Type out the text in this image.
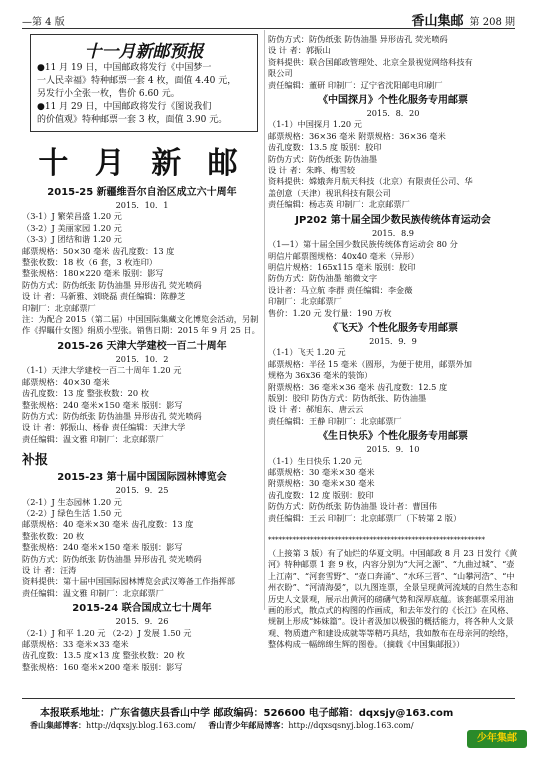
—第 4 版	香山集邮 第 208 期
十一月新邮预报
●11 月 19 日，中国邮政将发行《中国梦一
一人民幸福》特种邮票一套 4 枚，面值 4.40 元，
另发行小全张一枚，售价 6.60 元。
●11 月 29 日，中国邮政将发行《图说我们
的价值观》特种邮票一套 3 枚，面值 3.90 元。
十 月 新 邮
2015-25 新疆维吾尔自治区成立六十周年
2015．10．1
（3-1）J 繁荣昌盛 1.20 元
（3-2）J 美丽家园 1.20 元
（3-3）J 团结和谐 1.20 元
邮票规格：50×30 毫米 齿孔度数：13 度
整张枚数：18 枚（6 套，3 枚连印）
整张规格：180×220 毫米 版别：影写
防伪方式：防伪纸张 防伪油墨 异形齿孔 荧光喷码
设 计 者：马新雅、刘晓磊 责任编辑：陈静芝
印制厂：北京邮票厂
注：为配合 2015（第二届）中国国际集藏文化博览会活动，另制作《捍瞩什女图》绢质小型张。销售日期：2015 年 9 月 25 日。
2015-26 天津大学建校一百二十周年
2015．10．2
（1-1）天津大学建校一百二十周年 1.20 元
邮票规格：40×30 毫米
齿孔度数：13 度 整张枚数：20 枚
整张规格：240 毫米×150 毫米 版别：影写
防伪方式：防伪纸张 防伪油墨 异形齿孔 荧光喷码
设 计 者：郭振山、杨眷 责任编辑：天津大学
责任编辑：温文雅 印制厂：北京邮票厂
补报
2015-23 第十届中国国际园林博览会
2015．9．25
（2-1）J 生态园林 1.20 元
（2-2）J 绿色生活 1.50 元
邮票规格：40 毫米×30 毫米 齿孔度数：13 度
整张枚数：20 枚
整张规格：240 毫米×150 毫米 版别：影写
防伪方式：防伪纸张 防伪油墨 异形齿孔 荧光喷码
设 计 者：汪涛
资料提供：第十届中国国际园林博览会武汉筹备工作指挥部
责任编辑：温文雅 印制厂：北京邮票厂
2015-24 联合国成立七十周年
2015．9．26
（2-1）J 和平 1.20 元 （2-2）J 发展 1.50 元
邮票规格：33 毫米×33 毫米
齿孔度数：13.5 度×13 度 整张枚数：20 枚
整张规格：160 毫米×200 毫米 版别：影写
防伪方式：防伪纸张 防伪油墨 异形齿孔 荧光喷码
设 计 者：郭振山
资料提供：联合国邮政管理处、北京全景视觉网络科技有
限公司
责任编辑：董研 印制厂：辽宁省沈阳邮电印刷厂
《中国探月》个性化服务专用邮票
2015．8．20
（1-1）中国探月 1.20 元
邮票规格：36×36 毫米 附票规格：36×36 毫米
齿孔度数：13.5 度 版别：胶印
防伪方式：防伪纸张 防伪油墨
设 计 者：朱晔、梅雪较
资料提供：嫦娥奔月航天科技（北京）有限责任公司、华
盖创意（天津）视讯科技有限公司
责任编辑：杨志英 印制厂：北京邮票厂
JP202 第十届全国少数民族传统体育运动会
2015．8.9
（1—1）第十届全国少数民族传统体育运动会 80 分
明信片邮票图规格：40x40 毫米（异形）
明信片规格：165x115 毫米 版别：胶印
防伪方式：防伪油墨 缩微文字
设计者：马立航 李群 责任编辑：李金薇
印制厂：北京邮票厂
售价：1.20 元 发行量：190 万枚
《飞天》个性化服务专用邮票
2015．9．9
（1-1）飞天 1.20 元
邮票规格：半径 15 毫米（圆形，为便于使用，邮票外加
规格为 36x36 毫米的装饰）
附票规格：36 毫米×36 毫米 齿孔度数：12.5 度
版别：胶印 防伪方式：防伪纸张、防伪油墨
设 计 者：郝旭东、唐云云
责任编辑：王静 印制厂：北京邮票厂
《生日快乐》个性化服务专用邮票
2015．9．10
（1-1）生日快乐 1.20 元
邮票规格：30 毫米×30 毫米
附票规格：30 毫米×30 毫米
齿孔度数：12 度 版别：胶印
防伪方式：防伪纸张 防伪油墨 设计者：曹国伟
责任编辑：王云 印制厂：北京邮票厂（下转第 2 版）
**************************************************************
（上接第 3 版）有了灿烂的华夏文明。中国邮政 8 月 23 日发行《黄河》特种邮票 1 套 9 枚，内容分别为“大河之源”、“九曲过城”、“壶上江南”、“河套雪野”、“壶口奔涌”、“水环三晋”、“山攀河浩”、“中州衣盼”、“河清海晏”，以九图连票，全景呈现黄河流域的自然生态和历史人文景观，展示出黄河的磅礴气势和深厚底蕴。该套邮票采用油画的形式，散点式的构图的作画成，和去年发行的《长江》在风格、规制上形成“姊妹篇”。设计者汲加以极强的概括能力，将各种人文景观、物质遗产和建设成就等等精巧具结，我如散布在母亲河的绘络，整体构成一幅绵绵生辉的图卷。（摘载《中国集邮报》）
本报联系地址：广东省德庆县香山中学 邮政编码：526600 电子邮箱：dqxsjy@163.com
香山集邮博客：http://dqxsjy.blog.163.com/ 香山青少年邮局博客：http://dqxsqsnyj.blog.163.com/
少年集邮
